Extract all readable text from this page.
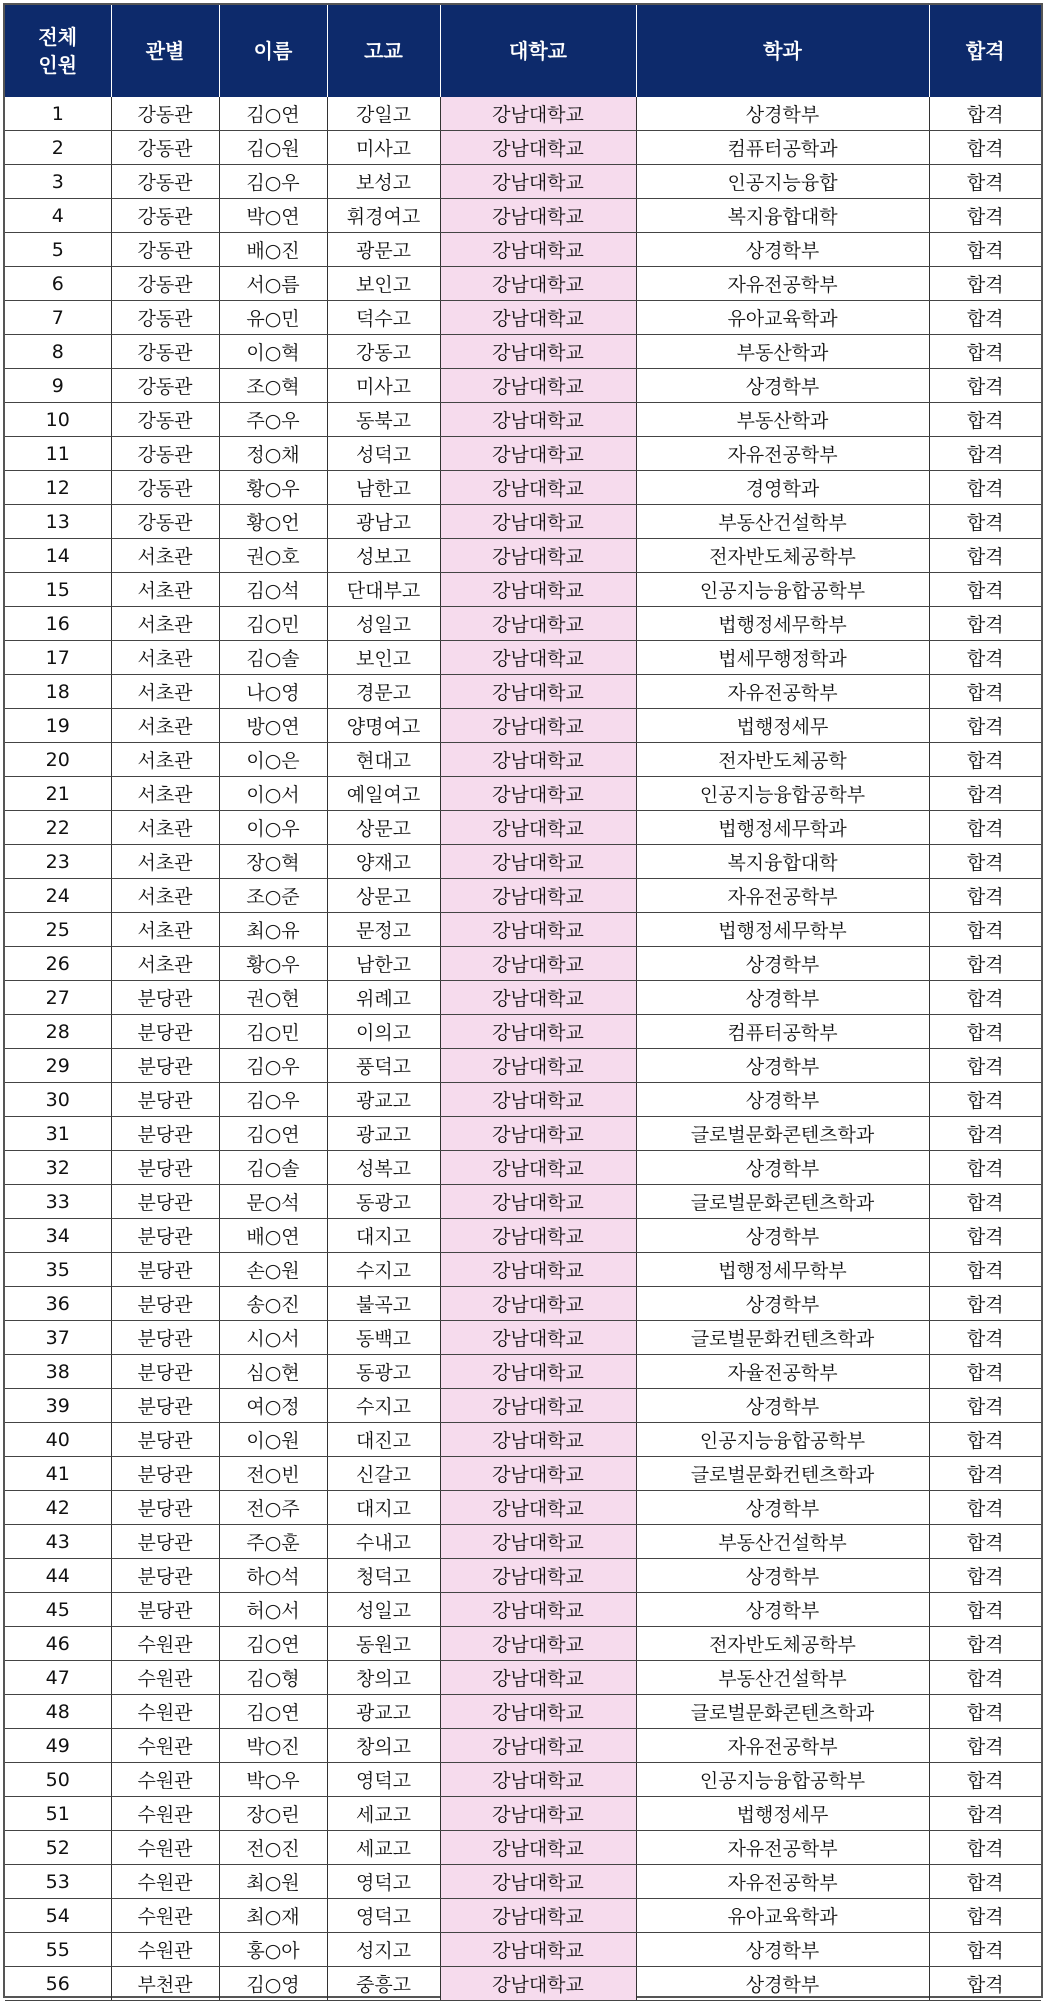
전체
인원	관별	이름	고교	대학교	학과	합격
1	강동관	김○연	강일고	강남대학교	상경학부	합격
2	강동관	김○원	미사고	강남대학교	컴퓨터공학과	합격
3	강동관	김○우	보성고	강남대학교	인공지능융합	합격
4	강동관	박○연	휘경여고	강남대학교	복지융합대학	합격
5	강동관	배○진	광문고	강남대학교	상경학부	합격
6	강동관	서○름	보인고	강남대학교	자유전공학부	합격
7	강동관	유○민	덕수고	강남대학교	유아교육학과	합격
8	강동관	이○혁	강동고	강남대학교	부동산학과	합격
9	강동관	조○혁	미사고	강남대학교	상경학부	합격
10	강동관	주○우	동북고	강남대학교	부동산학과	합격
11	강동관	정○채	성덕고	강남대학교	자유전공학부	합격
12	강동관	황○우	남한고	강남대학교	경영학과	합격
13	강동관	황○언	광남고	강남대학교	부동산건설학부	합격
14	서초관	권○호	성보고	강남대학교	전자반도체공학부	합격
15	서초관	김○석	단대부고	강남대학교	인공지능융합공학부	합격
16	서초관	김○민	성일고	강남대학교	법행정세무학부	합격
17	서초관	김○솔	보인고	강남대학교	법세무행정학과	합격
18	서초관	나○영	경문고	강남대학교	자유전공학부	합격
19	서초관	방○연	양명여고	강남대학교	법행정세무	합격
20	서초관	이○은	현대고	강남대학교	전자반도체공학	합격
21	서초관	이○서	예일여고	강남대학교	인공지능융합공학부	합격
22	서초관	이○우	상문고	강남대학교	법행정세무학과	합격
23	서초관	장○혁	양재고	강남대학교	복지융합대학	합격
24	서초관	조○준	상문고	강남대학교	자유전공학부	합격
25	서초관	최○유	문정고	강남대학교	법행정세무학부	합격
26	서초관	황○우	남한고	강남대학교	상경학부	합격
27	분당관	권○현	위례고	강남대학교	상경학부	합격
28	분당관	김○민	이의고	강남대학교	컴퓨터공학부	합격
29	분당관	김○우	풍덕고	강남대학교	상경학부	합격
30	분당관	김○우	광교고	강남대학교	상경학부	합격
31	분당관	김○연	광교고	강남대학교	글로벌문화콘텐츠학과	합격
32	분당관	김○솔	성복고	강남대학교	상경학부	합격
33	분당관	문○석	동광고	강남대학교	글로벌문화콘텐츠학과	합격
34	분당관	배○연	대지고	강남대학교	상경학부	합격
35	분당관	손○원	수지고	강남대학교	법행정세무학부	합격
36	분당관	송○진	불곡고	강남대학교	상경학부	합격
37	분당관	시○서	동백고	강남대학교	글로벌문화컨텐츠학과	합격
38	분당관	심○현	동광고	강남대학교	자율전공학부	합격
39	분당관	여○정	수지고	강남대학교	상경학부	합격
40	분당관	이○원	대진고	강남대학교	인공지능융합공학부	합격
41	분당관	전○빈	신갈고	강남대학교	글로벌문화컨텐츠학과	합격
42	분당관	전○주	대지고	강남대학교	상경학부	합격
43	분당관	주○훈	수내고	강남대학교	부동산건설학부	합격
44	분당관	하○석	청덕고	강남대학교	상경학부	합격
45	분당관	허○서	성일고	강남대학교	상경학부	합격
46	수원관	김○연	동원고	강남대학교	전자반도체공학부	합격
47	수원관	김○형	창의고	강남대학교	부동산건설학부	합격
48	수원관	김○연	광교고	강남대학교	글로벌문화콘텐츠학과	합격
49	수원관	박○진	창의고	강남대학교	자유전공학부	합격
50	수원관	박○우	영덕고	강남대학교	인공지능융합공학부	합격
51	수원관	장○린	세교고	강남대학교	법행정세무	합격
52	수원관	전○진	세교고	강남대학교	자유전공학부	합격
53	수원관	최○원	영덕고	강남대학교	자유전공학부	합격
54	수원관	최○재	영덕고	강남대학교	유아교육학과	합격
55	수원관	홍○아	성지고	강남대학교	상경학부	합격
56	부천관	김○영	중흥고	강남대학교	상경학부	합격
